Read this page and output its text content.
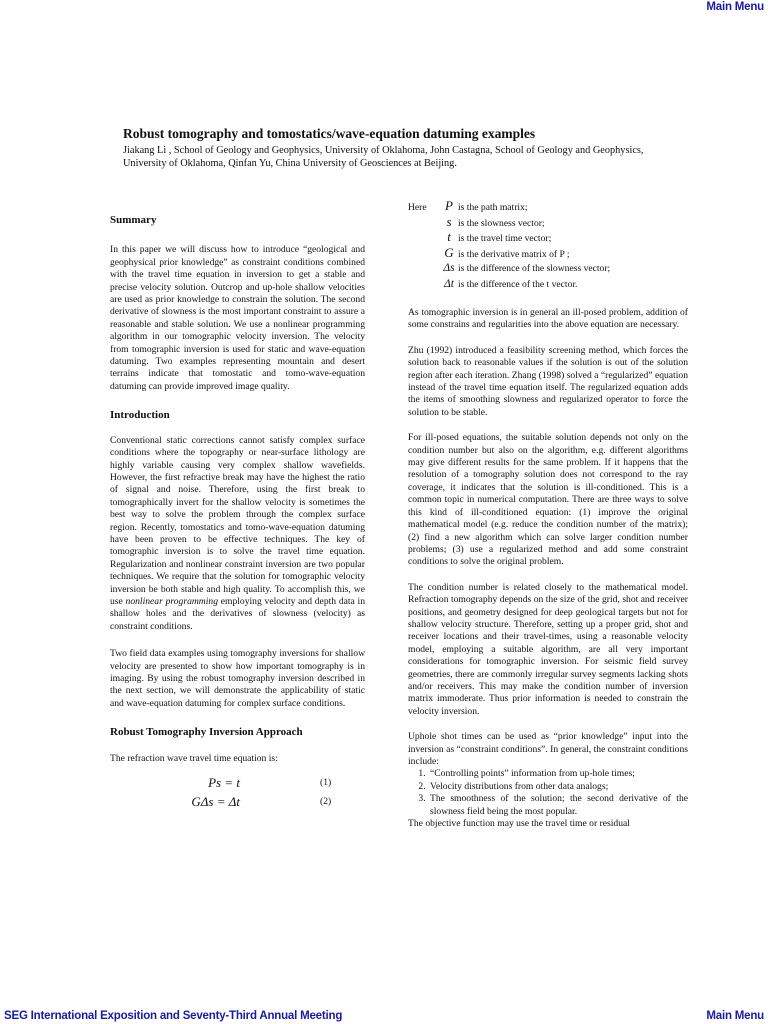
Main Menu

Robust tomography and tomostatics/wave-equation datuming examples

Jiakang Li , School of Geology and Geophysics, University of Oklahoma, John Castagna, School of Geology and Geophysics, University of Oklahoma, Qinfan Yu, China University of Geosciences at Beijing.

Summary

In this paper we will discuss how to introduce “geological and geophysical prior knowledge” as constraint conditions combined with the travel time equation in inversion to get a stable and precise velocity solution. Outcrop and up-hole shallow velocities are used as prior knowledge to constrain the solution. The second derivative of slowness is the most important constraint to assure a reasonable and stable solution. We use a nonlinear programming algorithm in our tomographic velocity inversion. The velocity from tomographic inversion is used for static and wave-equation datuming. Two examples representing mountain and desert terrains indicate that tomostatic and tomo-wave-equation datuming can provide improved image quality.

Introduction

Conventional static corrections cannot satisfy complex surface conditions where the topography or near-surface lithology are highly variable causing very complex shallow wavefields. However, the first refractive break may have the highest the ratio of signal and noise. Therefore, using the first break to tomographically invert for the shallow velocity is sometimes the best way to solve the problem through the complex surface region. Recently, tomostatics and tomo-wave-equation datuming have been proven to be effective techniques. The key of tomographic inversion is to solve the travel time equation. Regularization and nonlinear constraint inversion are two popular techniques. We require that the solution for tomographic velocity inversion be both stable and high quality. To accomplish this, we use nonlinear programming employing velocity and depth data in shallow holes and the derivatives of slowness (velocity) as constraint conditions.

Two field data examples using tomography inversions for shallow velocity are presented to show how important tomography is in imaging. By using the robust tomography inversion described in the next section, we will demonstrate the applicability of static and wave-equation datuming for complex surface conditions.

Robust Tomography Inversion Approach

The refraction wave travel time equation is:

Ps = t	(1)
GΔs = Δt	(2)
Here	P is the path matrix;
s is the slowness vector;
t is the travel time vector;
G is the derivative matrix of P ;
Δs is the difference of the slowness vector;
Δt is the difference of the t vector.

As tomographic inversion is in general an ill-posed problem, addition of some constrains and regularities into the above equation are necessary.

Zhu (1992) introduced a feasibility screening method, which forces the solution back to reasonable values if the solution is out of the solution region after each iteration. Zhang (1998) solved a “regularized” equation instead of the travel time equation itself. The regularized equation adds the items of smoothing slowness and regularized operator to force the solution to be stable.

For ill-posed equations, the suitable solution depends not only on the condition number but also on the algorithm, e.g. different algorithms may give different results for the same problem. If it happens that the resolution of a tomography solution does not correspond to the ray coverage, it indicates that the solution is ill-conditioned. This is a common topic in numerical computation. There are three ways to solve this kind of ill-conditioned equation: (1) improve the original mathematical model (e.g. reduce the condition number of the matrix); (2) find a new algorithm which can solve larger condition number problems; (3) use a regularized method and add some constraint conditions to solve the original problem.

The condition number is related closely to the mathematical model. Refraction tomography depends on the size of the grid, shot and receiver positions, and geometry designed for deep geological targets but not for shallow velocity structure. Therefore, setting up a proper grid, shot and receiver locations and their travel-times, using a reasonable velocity model, employing a suitable algorithm, are all very important considerations for tomographic inversion. For seismic field survey geometries, there are commonly irregular survey segments lacking shots and/or receivers. This may make the condition number of inversion matrix immoderate. Thus prior information is needed to constrain the velocity inversion.

Uphole shot times can be used as “prior knowledge” input into the inversion as “constraint conditions”. In general, the constraint conditions include:

1. “Controlling points” information from up-hole times;
2. Velocity distributions from other data analogs;
3. The smoothness of the solution; the second derivative of the slowness field being the most popular.

The objective function may use the travel time or residual

SEG International Exposition and Seventy-Third Annual Meeting	Main Menu
